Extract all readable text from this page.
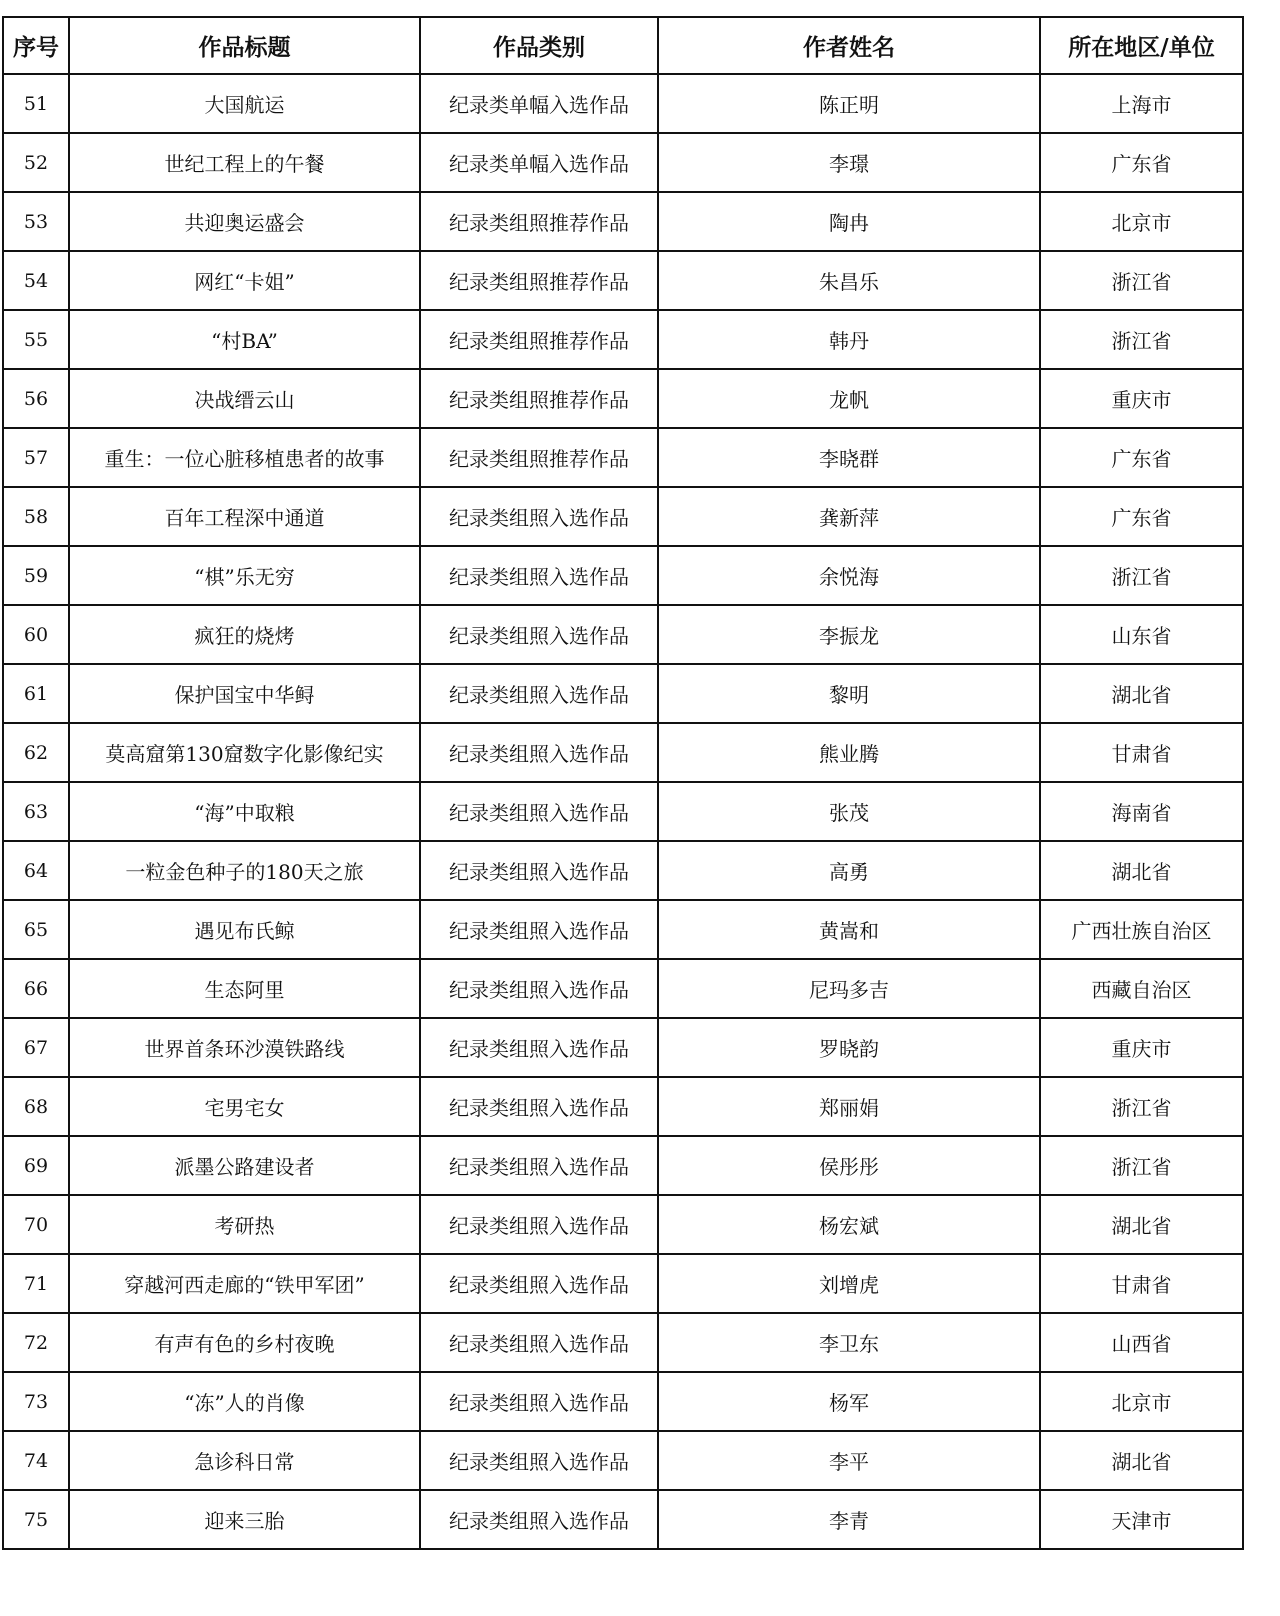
序号	作品标题	作品类别	作者姓名	所在地区/单位
51	大国航运	纪录类单幅入选作品	陈正明	上海市
52	世纪工程上的午餐	纪录类单幅入选作品	李璟	广东省
53	共迎奥运盛会	纪录类组照推荐作品	陶冉	北京市
54	网红“卡姐”	纪录类组照推荐作品	朱昌乐	浙江省
55	“村BA”	纪录类组照推荐作品	韩丹	浙江省
56	决战缙云山	纪录类组照推荐作品	龙帆	重庆市
57	重生：一位心脏移植患者的故事	纪录类组照推荐作品	李晓群	广东省
58	百年工程深中通道	纪录类组照入选作品	龚新萍	广东省
59	“棋”乐无穷	纪录类组照入选作品	余悦海	浙江省
60	疯狂的烧烤	纪录类组照入选作品	李振龙	山东省
61	保护国宝中华鲟	纪录类组照入选作品	黎明	湖北省
62	莫高窟第130窟数字化影像纪实	纪录类组照入选作品	熊业腾	甘肃省
63	“海”中取粮	纪录类组照入选作品	张茂	海南省
64	一粒金色种子的180天之旅	纪录类组照入选作品	高勇	湖北省
65	遇见布氏鲸	纪录类组照入选作品	黄嵩和	广西壮族自治区
66	生态阿里	纪录类组照入选作品	尼玛多吉	西藏自治区
67	世界首条环沙漠铁路线	纪录类组照入选作品	罗晓韵	重庆市
68	宅男宅女	纪录类组照入选作品	郑丽娟	浙江省
69	派墨公路建设者	纪录类组照入选作品	侯彤彤	浙江省
70	考研热	纪录类组照入选作品	杨宏斌	湖北省
71	穿越河西走廊的“铁甲军团”	纪录类组照入选作品	刘增虎	甘肃省
72	有声有色的乡村夜晚	纪录类组照入选作品	李卫东	山西省
73	“冻”人的肖像	纪录类组照入选作品	杨军	北京市
74	急诊科日常	纪录类组照入选作品	李平	湖北省
75	迎来三胎	纪录类组照入选作品	李青	天津市
